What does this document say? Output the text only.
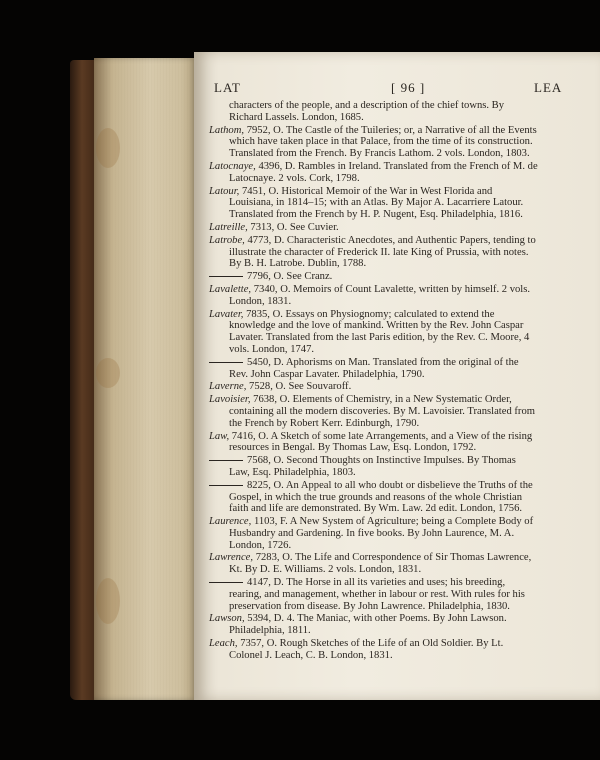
LAT	[ 96 ]	LEA
characters of the people, and a description of the chief towns. By Richard Lassels. London, 1685.
Lathom, 7952, O. The Castle of the Tuileries; or, a Narrative of all the Events which have taken place in that Palace, from the time of its construction. Translated from the French. By Francis Lathom. 2 vols. London, 1803.
Latocnaye, 4396, D. Rambles in Ireland. Translated from the French of M. de Latocnaye. 2 vols. Cork, 1798.
Latour, 7451, O. Historical Memoir of the War in West Florida and Louisiana, in 1814–15; with an Atlas. By Major A. Lacarriere Latour. Translated from the French by H. P. Nugent, Esq. Philadelphia, 1816.
Latreille, 7313, O. See Cuvier.
Latrobe, 4773, D. Characteristic Anecdotes, and Authentic Papers, tending to illustrate the character of Frederick II. late King of Prussia, with notes. By B. H. Latrobe. Dublin, 1788.
7796, O. See Cranz.
Lavalette, 7340, O. Memoirs of Count Lavalette, written by himself. 2 vols. London, 1831.
Lavater, 7835, O. Essays on Physiognomy; calculated to extend the knowledge and the love of mankind. Written by the Rev. John Caspar Lavater. Translated from the last Paris edition, by the Rev. C. Moore, 4 vols. London, 1747.
5450, D. Aphorisms on Man. Translated from the original of the Rev. John Caspar Lavater. Philadelphia, 1790.
Laverne, 7528, O. See Souvaroff.
Lavoisier, 7638, O. Elements of Chemistry, in a New Systematic Order, containing all the modern discoveries. By M. Lavoisier. Translated from the French by Robert Kerr. Edinburgh, 1790.
Law, 7416, O. A Sketch of some late Arrangements, and a View of the rising resources in Bengal. By Thomas Law, Esq. London, 1792.
7568, O. Second Thoughts on Instinctive Impulses. By Thomas Law, Esq. Philadelphia, 1803.
8225, O. An Appeal to all who doubt or disbelieve the Truths of the Gospel, in which the true grounds and reasons of the whole Christian faith and life are demonstrated. By Wm. Law. 2d edit. London, 1756.
Laurence, 1103, F. A New System of Agriculture; being a Complete Body of Husbandry and Gardening. In five books. By John Laurence, M. A. London, 1726.
Lawrence, 7283, O. The Life and Correspondence of Sir Thomas Lawrence, Kt. By D. E. Williams. 2 vols. London, 1831.
4147, D. The Horse in all its varieties and uses; his breeding, rearing, and management, whether in labour or rest. With rules for his preservation from disease. By John Lawrence. Philadelphia, 1830.
Lawson, 5394, D. 4. The Maniac, with other Poems. By John Lawson. Philadelphia, 1811.
Leach, 7357, O. Rough Sketches of the Life of an Old Soldier. By Lt. Colonel J. Leach, C. B. London, 1831.
